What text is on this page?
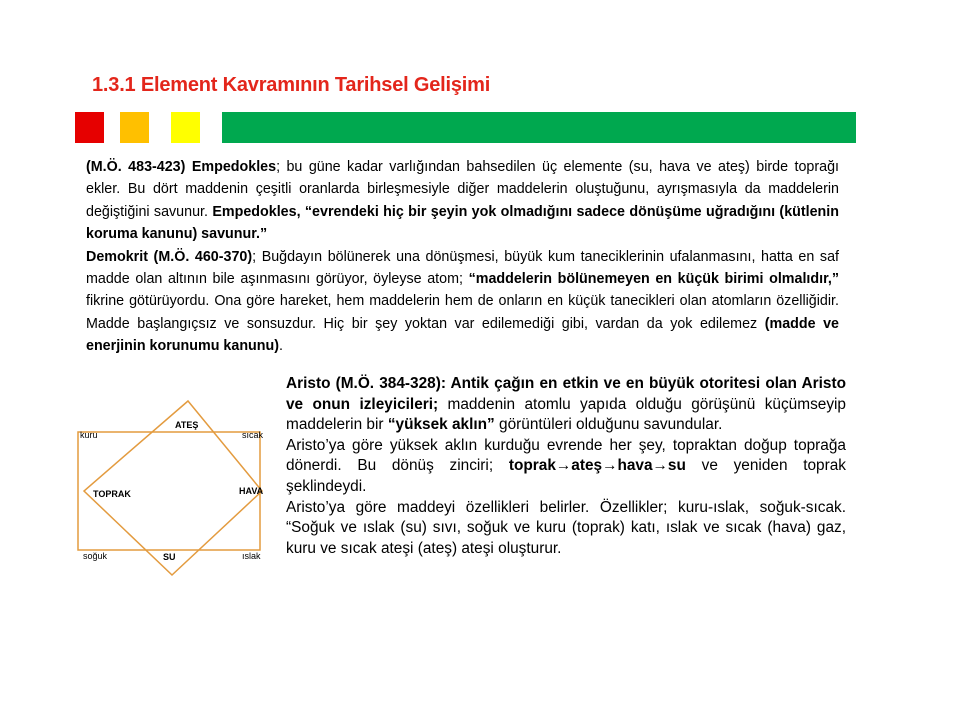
1.3.1 Element Kavramının Tarihsel Gelişimi
(M.Ö. 483-423) Empedokles; bu güne kadar varlığından bahsedilen üç elemente (su, hava ve ateş) birde toprağı ekler. Bu dört maddenin çeşitli oranlarda birleşmesiyle diğer maddelerin oluştuğunu, ayrışmasıyla da maddelerin değiştiğini savunur. Empedokles, “evrendeki hiç bir şeyin yok olmadığını sadece dönüşüme uğradığını (kütlenin koruma kanunu) savunur.”
Demokrit (M.Ö. 460-370); Buğdayın bölünerek una dönüşmesi, büyük kum taneciklerinin ufalanmasını, hatta en saf madde olan altının bile aşınmasını görüyor, öyleyse atom; “maddelerin bölünemeyen en küçük birimi olmalıdır,” fikrine götürüyordu. Ona göre hareket, hem maddelerin hem de onların en küçük tanecikleri olan atomların özelliğidir. Madde başlangıçsız ve sonsuzdur. Hiç bir şey yoktan var edilemediği gibi, vardan da yok edilemez (madde ve enerjinin korunumu kanunu).

Aristo (M.Ö. 384-328): Antik çağın en etkin ve en büyük otoritesi olan Aristo ve onun izleyicileri; maddenin atomlu yapıda olduğu görüşünü küçümseyip maddelerin bir “yüksek aklın” görüntüleri olduğunu savundular.

Aristo’ya göre yüksek aklın kurduğu evrende her şey, topraktan doğup toprağa dönerdi. Bu dönüş zinciri; toprak→ateş→hava→su ve yeniden toprak şeklindeydi.

Aristo’ya göre maddeyi özellikleri belirler. Özellikler; kuru-ıslak, soğuk-sıcak. “Soğuk ve ıslak (su) sıvı, soğuk ve kuru (toprak) katı, ıslak ve sıcak (hava) gaz, kuru ve sıcak ateşi (ateş) ateşi oluşturur.

ATEŞ
TOPRAK	HAVA
SU
kuru	sıcak
soğuk	ıslak
